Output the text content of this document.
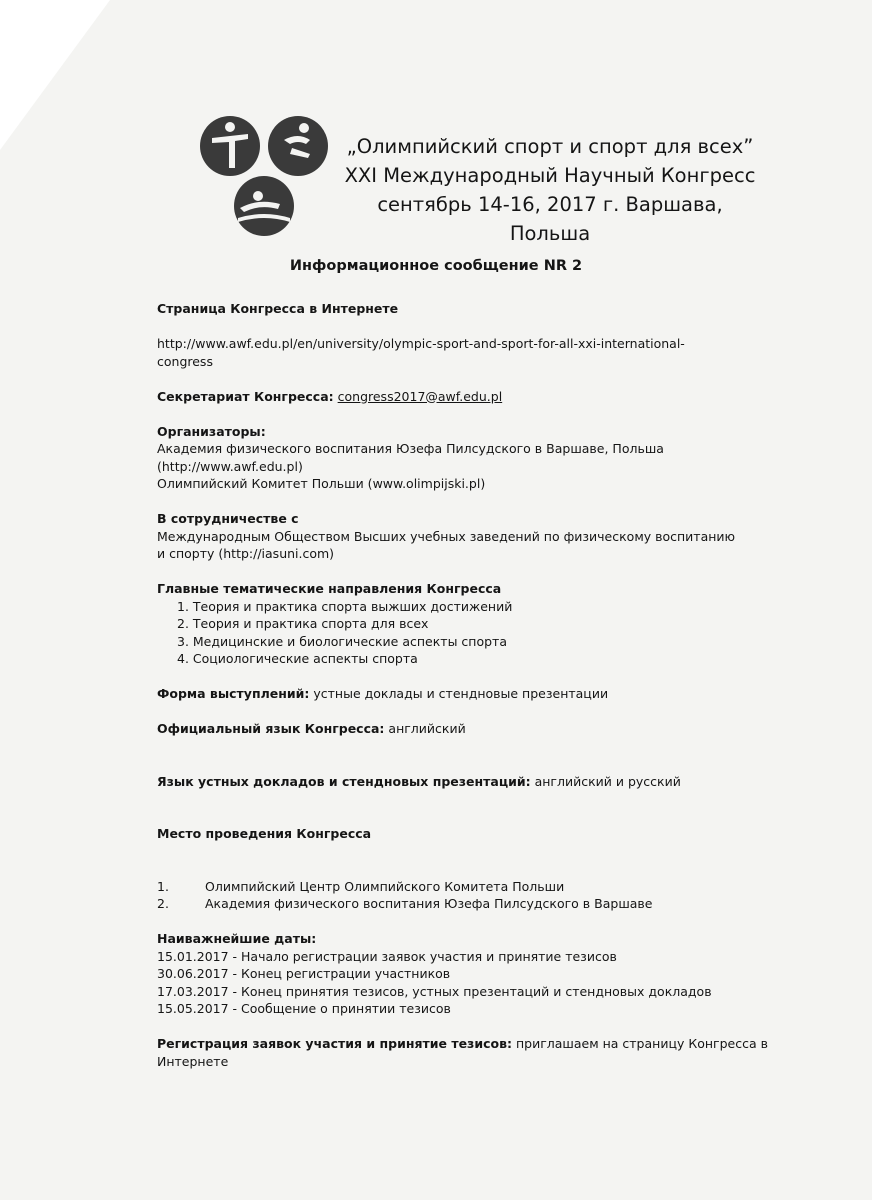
„Олимпийский спорт и спорт для всех”
XXI Международный Научный Конгресс
сентябрь 14-16, 2017 г. Варшава, Польша
Информационное сообщение NR 2
Страница Конгресса в Интернете
http://www.awf.edu.pl/en/university/olympic-sport-and-sport-for-all-xxi-international-
congress
Секретариат Конгресса: congress2017@awf.edu.pl
Организаторы:
Академия физического воспитания Юзефа Пилсудского в Варшаве, Польша
(http://www.awf.edu.pl)
Олимпийский Комитет Польши (www.olimpijski.pl)
В сотрудничестве с
Международным Обществом Высших учебных заведений по физическому воспитанию
и спорту (http://iasuni.com)
Главные тематические направления Конгресса
1. Теория и практика спорта выжших достижений
2. Теория и практика спорта для всех
3. Медицинские и биологические аспекты спорта
4. Социологические аспекты спорта
Форма выступлений: устные доклады и стендновые презентации
Официальный язык Конгресса: английский
Язык устных докладов и стендновых презентаций: английский и русский
Место проведения Конгресса
1.	Олимпийский Центр Олимпийского Комитета Польши
2.	Академия физического воспитания Юзефа Пилсудского в Варшаве
Наиважнейшие даты:
15.01.2017 - Начало регистрации заявок участия и принятие тезисов
30.06.2017 - Конец регистрации участников
17.03.2017 - Конец принятия тезисов, устных презентаций и стендновых докладов
15.05.2017 - Сообщение о принятии тезисов
Регистрация заявок участия и принятие тезисов: приглашаем на страницу Конгресса в
Интернете
